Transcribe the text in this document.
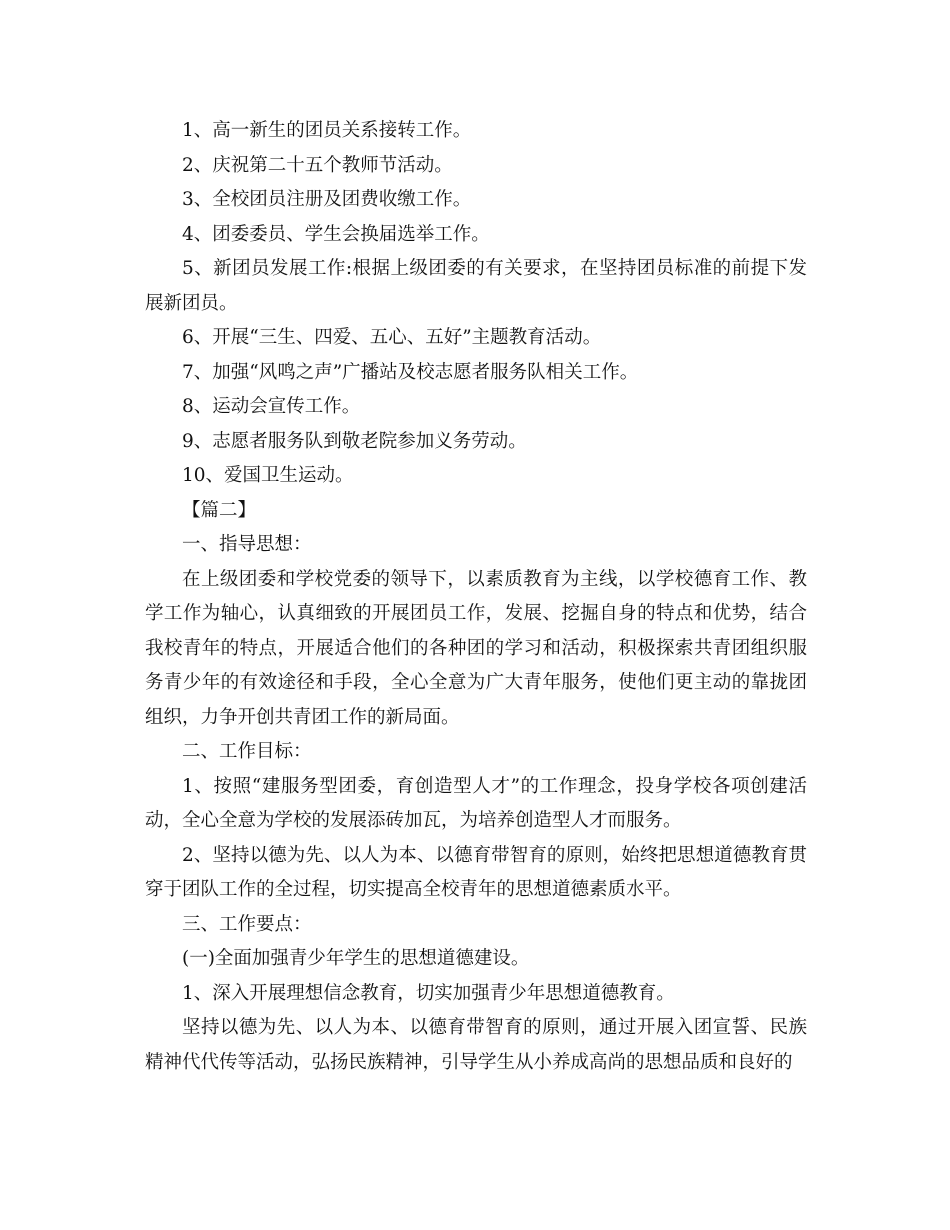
1、高一新生的团员关系接转工作。

2、庆祝第二十五个教师节活动。

3、全校团员注册及团费收缴工作。

4、团委委员、学生会换届选举工作。

5、新团员发展工作:根据上级团委的有关要求，在坚持团员标准的前提下发展新团员。

6、开展“三生、四爱、五心、五好”主题教育活动。

7、加强“风鸣之声”广播站及校志愿者服务队相关工作。

8、运动会宣传工作。

9、志愿者服务队到敬老院参加义务劳动。

10、爱国卫生运动。

【篇二】

一、指导思想：

在上级团委和学校党委的领导下，以素质教育为主线，以学校德育工作、教学工作为轴心，认真细致的开展团员工作，发展、挖掘自身的特点和优势，结合我校青年的特点，开展适合他们的各种团的学习和活动，积极探索共青团组织服务青少年的有效途径和手段，全心全意为广大青年服务，使他们更主动的靠拢团组织，力争开创共青团工作的新局面。

二、工作目标：

1、按照“建服务型团委，育创造型人才”的工作理念，投身学校各项创建活动，全心全意为学校的发展添砖加瓦，为培养创造型人才而服务。

2、坚持以德为先、以人为本、以德育带智育的原则，始终把思想道德教育贯穿于团队工作的全过程，切实提高全校青年的思想道德素质水平。

三、工作要点：

(一)全面加强青少年学生的思想道德建设。

1、深入开展理想信念教育，切实加强青少年思想道德教育。

坚持以德为先、以人为本、以德育带智育的原则，通过开展入团宣誓、民族精神代代传等活动，弘扬民族精神，引导学生从小养成高尚的思想品质和良好的
